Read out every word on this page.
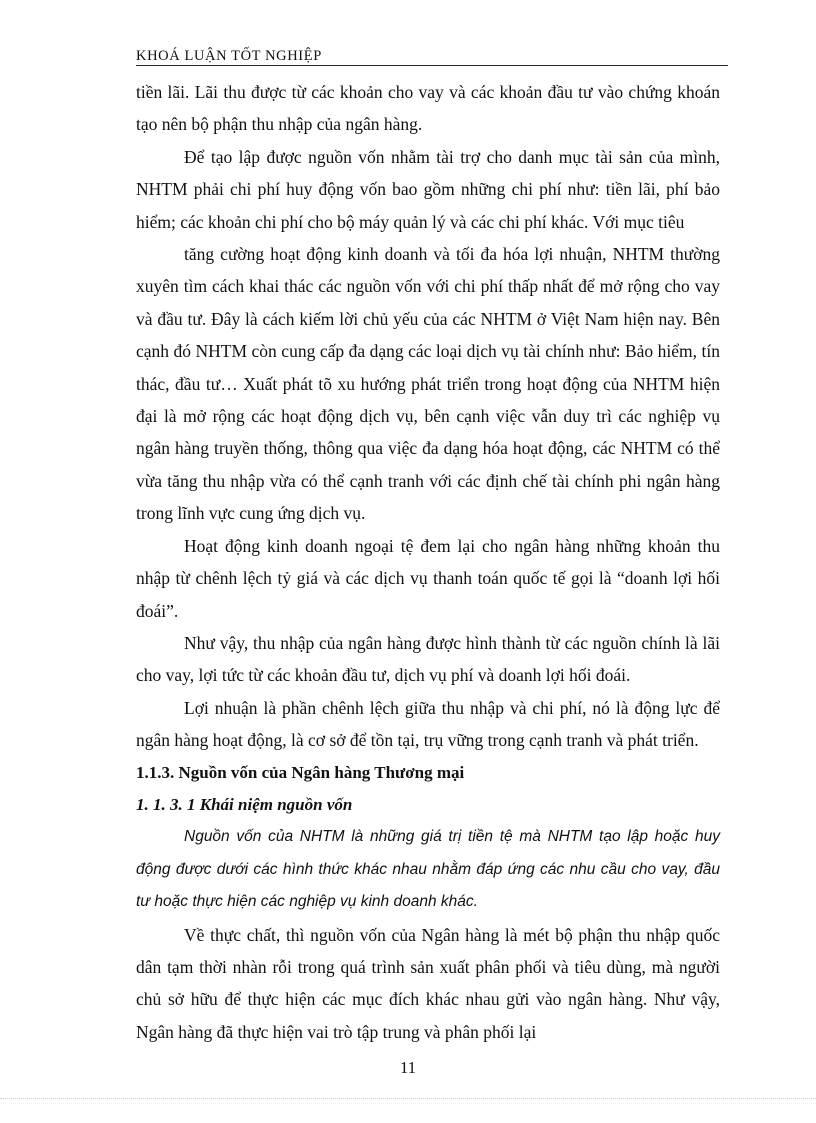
KHOÁ LUẬN TỐT NGHIỆP

tiền lãi. Lãi thu được từ các khoản cho vay và các khoản đầu tư vào chứng khoán tạo nên bộ phận thu nhập của ngân hàng.

Để tạo lập được nguồn vốn nhằm tài trợ cho danh mục tài sản của mình, NHTM phải chi phí huy động vốn bao gồm những chi phí như: tiền lãi, phí bảo hiểm; các khoản chi phí cho bộ máy quản lý và các chi phí khác. Với mục tiêu

tăng cường hoạt động kinh doanh và tối đa hóa lợi nhuận, NHTM thường xuyên tìm cách khai thác các nguồn vốn với chi phí thấp nhất để mở rộng cho vay và đầu tư. Đây là cách kiếm lời chủ yếu của các NHTM ở Việt Nam hiện nay. Bên cạnh đó NHTM còn cung cấp đa dạng các loại dịch vụ tài chính như: Bảo hiểm, tín thác, đầu tư… Xuất phát tõ xu hướng phát triển trong hoạt động của NHTM hiện đại là mở rộng các hoạt động dịch vụ, bên cạnh việc vẫn duy trì các nghiệp vụ ngân hàng truyền thống, thông qua việc đa dạng hóa hoạt động, các NHTM có thể vừa tăng thu nhập vừa có thể cạnh tranh với các định chế tài chính phi ngân hàng trong lĩnh vực cung ứng dịch vụ.

Hoạt động kinh doanh ngoại tệ đem lại cho ngân hàng những khoản thu nhập từ chênh lệch tỷ giá và các dịch vụ thanh toán quốc tế gọi là “doanh lợi hối đoái”.

Như vậy, thu nhập của ngân hàng được hình thành từ các nguồn chính là lãi cho vay, lợi tức từ các khoản đầu tư, dịch vụ phí và doanh lợi hối đoái.

Lợi nhuận là phần chênh lệch giữa thu nhập và chi phí, nó là động lực để ngân hàng hoạt động, là cơ sở để tồn tại, trụ vững trong cạnh tranh và phát triển.

1.1.3. Nguồn vốn của Ngân hàng Thương mại

1. 1. 3. 1 Khái niệm nguồn vốn

Nguồn vốn của NHTM là những giá trị tiền tệ mà NHTM tạo lập hoặc huy động được dưới các hình thức khác nhau nhằm đáp ứng các nhu cầu cho vay, đầu tư hoặc thực hiện các nghiệp vụ kinh doanh khác.

Về thực chất, thì nguồn vốn của Ngân hàng là mét bộ phận thu nhập quốc dân tạm thời nhàn rỗi trong quá trình sản xuất phân phối và tiêu dùng, mà người chủ sở hữu để thực hiện các mục đích khác nhau gửi vào ngân hàng. Như vậy, Ngân hàng đã thực hiện vai trò tập trung và phân phối lại

11
